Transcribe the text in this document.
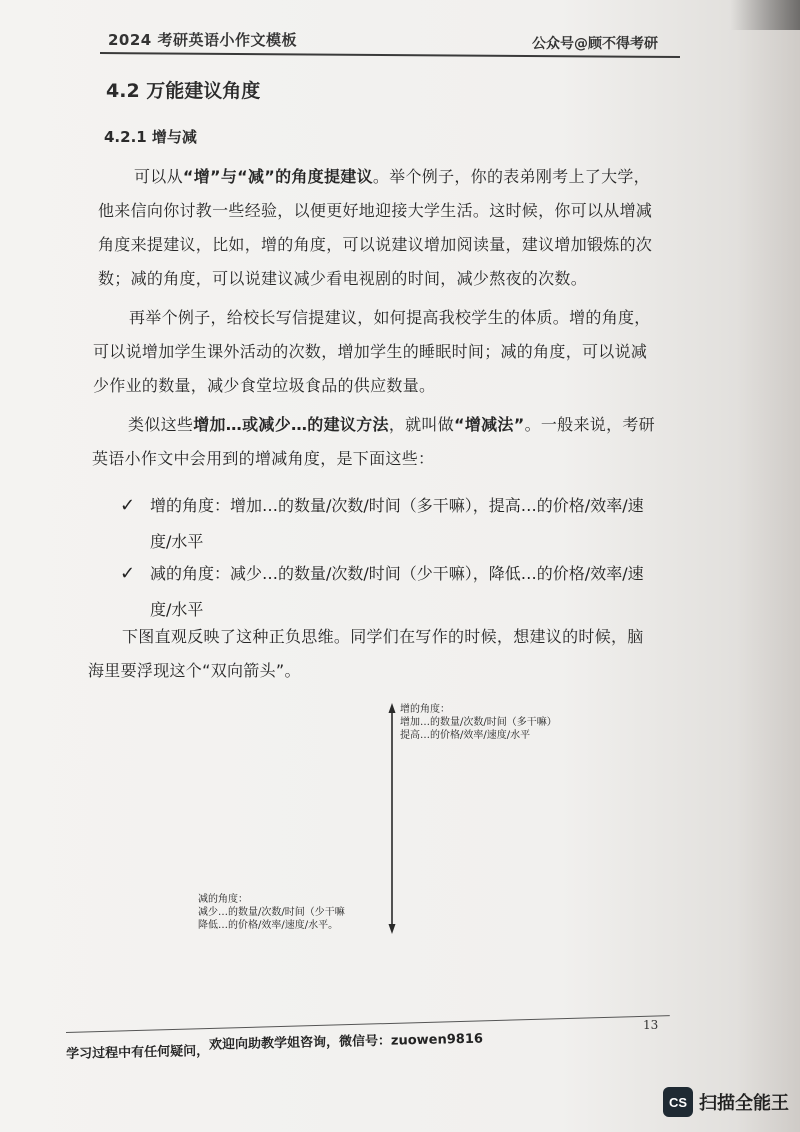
2024 考研英语小作文模板	公众号@顾不得考研
4.2 万能建议角度
4.2.1 增与减

可以从“增”与“减”的角度提建议。举个例子，你的表弟刚考上了大学，他来信向你讨教一些经验，以便更好地迎接大学生活。这时候，你可以从增减角度来提建议，比如，增的角度，可以说建议增加阅读量，建议增加锻炼的次数；减的角度，可以说建议减少看电视剧的时间，减少熬夜的次数。

再举个例子，给校长写信提建议，如何提高我校学生的体质。增的角度，可以说增加学生课外活动的次数，增加学生的睡眠时间；减的角度，可以说减少作业的数量，减少食堂垃圾食品的供应数量。

类似这些增加…或减少…的建议方法，就叫做“增减法”。一般来说，考研英语小作文中会用到的增减角度，是下面这些：

✓ 增的角度：增加…的数量/次数/时间（多干嘛），提高…的价格/效率/速度/水平
✓ 减的角度：减少…的数量/次数/时间（少干嘛），降低…的价格/效率/速度/水平

下图直观反映了这种正负思维。同学们在写作的时候，想建议的时候，脑海里要浮现这个“双向箭头”。

增的角度：
增加…的数量/次数/时间（多干嘛）
提高…的价格/效率/速度/水平
减的角度：
减少…的数量/次数/时间（少干嘛
降低…的价格/效率/速度/水平。
13
学习过程中有任何疑问，欢迎向助教学姐咨询，微信号：zuowen9816
CS 扫描全能王
